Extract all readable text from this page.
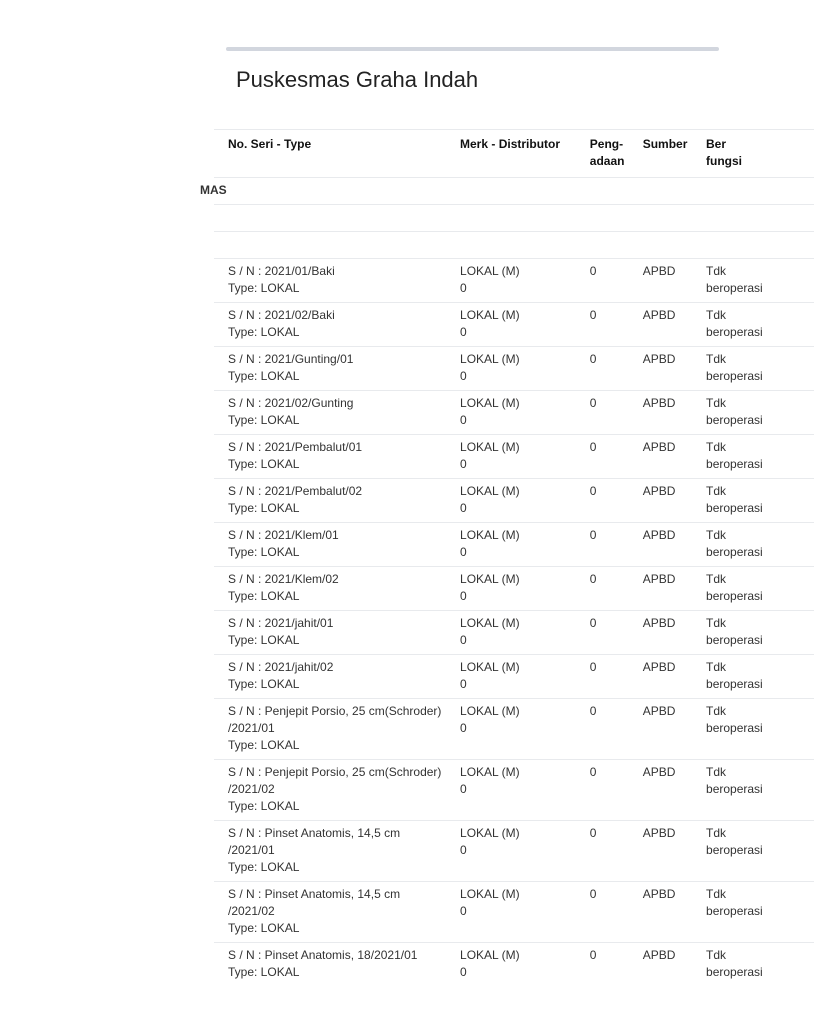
Puskesmas Graha Indah
No. Seri - Type	Merk - Distributor	Peng-
adaan	Sumber	Ber
fungsi

MAS				

S / N : 2021/01/Baki
Type: LOKAL	LOKAL (M)
0	0	APBD	Tdk
beroperasi

S / N : 2021/02/Baki
Type: LOKAL	LOKAL (M)
0	0	APBD	Tdk
beroperasi

S / N : 2021/Gunting/01
Type: LOKAL	LOKAL (M)
0	0	APBD	Tdk
beroperasi

S / N : 2021/02/Gunting
Type: LOKAL	LOKAL (M)
0	0	APBD	Tdk
beroperasi

S / N : 2021/Pembalut/01
Type: LOKAL	LOKAL (M)
0	0	APBD	Tdk
beroperasi

S / N : 2021/Pembalut/02
Type: LOKAL	LOKAL (M)
0	0	APBD	Tdk
beroperasi

S / N : 2021/Klem/01
Type: LOKAL	LOKAL (M)
0	0	APBD	Tdk
beroperasi

S / N : 2021/Klem/02
Type: LOKAL	LOKAL (M)
0	0	APBD	Tdk
beroperasi

S / N : 2021/jahit/01
Type: LOKAL	LOKAL (M)
0	0	APBD	Tdk
beroperasi

S / N : 2021/jahit/02
Type: LOKAL	LOKAL (M)
0	0	APBD	Tdk
beroperasi

S / N : Penjepit Porsio, 25 cm(Schroder)
/2021/01
Type: LOKAL	LOKAL (M)
0	0	APBD	Tdk
beroperasi

S / N : Penjepit Porsio, 25 cm(Schroder)
/2021/02
Type: LOKAL	LOKAL (M)
0	0	APBD	Tdk
beroperasi

S / N : Pinset Anatomis, 14,5 cm
/2021/01
Type: LOKAL	LOKAL (M)
0	0	APBD	Tdk
beroperasi

S / N : Pinset Anatomis, 14,5 cm
/2021/02
Type: LOKAL	LOKAL (M)
0	0	APBD	Tdk
beroperasi

S / N : Pinset Anatomis, 18/2021/01
Type: LOKAL	LOKAL (M)
0	0	APBD	Tdk
beroperasi
